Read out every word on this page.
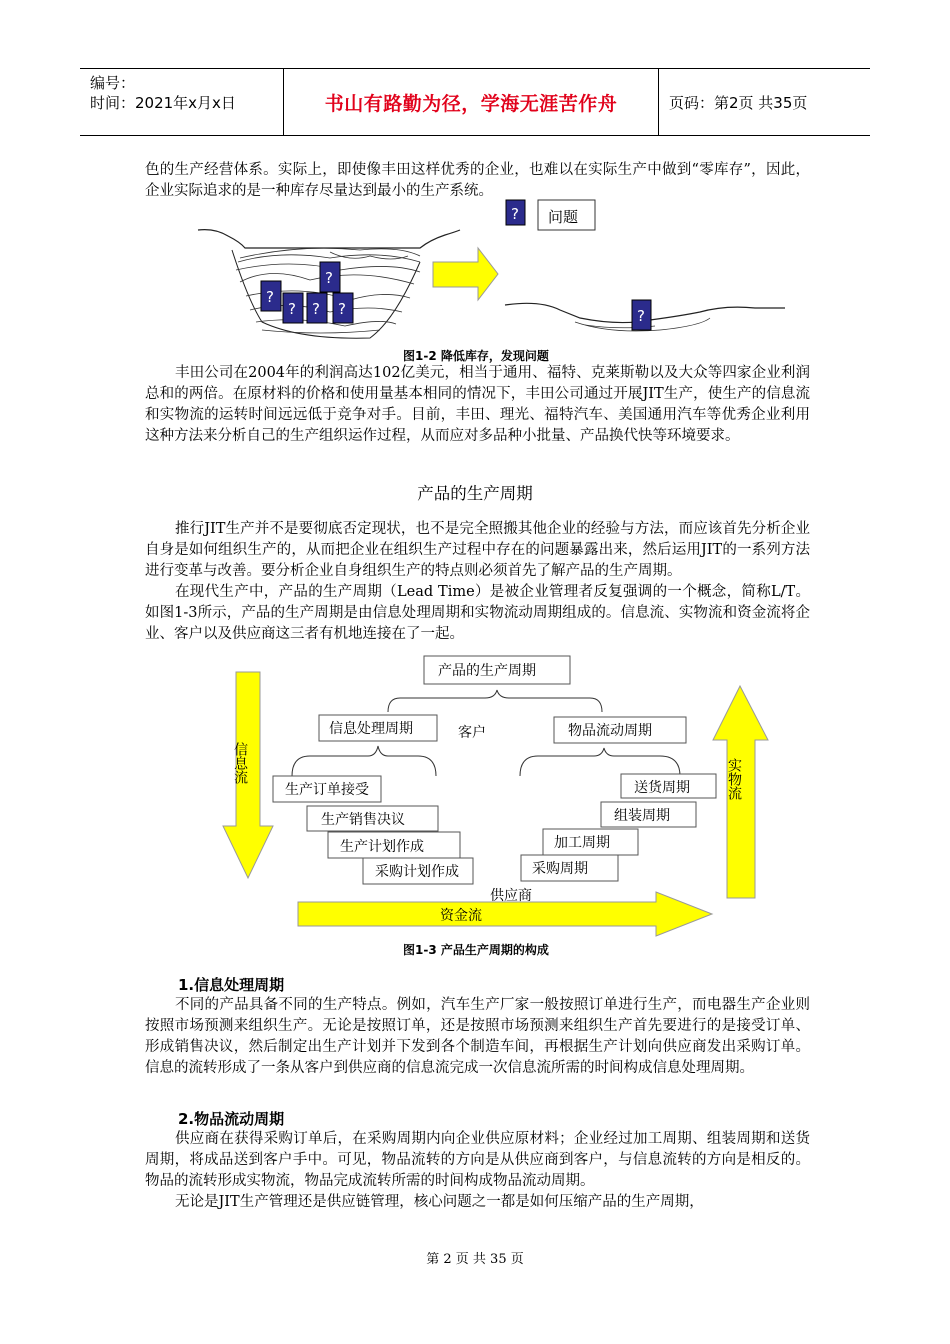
编号：
时间：2021年x月x日	书山有路勤为径，学海无涯苦作舟	页码：第2页 共35页

色的生产经营体系。实际上，即使像丰田这样优秀的企业，也难以在实际生产中做到“零库存”，因此，企业实际追求的是一种库存尽量达到最小的生产系统。

?
? ? ?
?
?
? 问题
图1-2 降低库存，发现问题

丰田公司在2004年的利润高达102亿美元，相当于通用、福特、克莱斯勒以及大众等四家企业利润总和的两倍。在原材料的价格和使用量基本相同的情况下，丰田公司通过开展JIT生产，使生产的信息流和实物流的运转时间远远低于竞争对手。目前，丰田、理光、福特汽车、美国通用汽车等优秀企业利用这种方法来分析自己的生产组织运作过程，从而应对多品种小批量、产品换代快等环境要求。

产品的生产周期

推行JIT生产并不是要彻底否定现状，也不是完全照搬其他企业的经验与方法，而应该首先分析企业自身是如何组织生产的，从而把企业在组织生产过程中存在的问题暴露出来，然后运用JIT的一系列方法进行变革与改善。要分析企业自身组织生产的特点则必须首先了解产品的生产周期。

在现代生产中，产品的生产周期（Lead Time）是被企业管理者反复强调的一个概念，简称L/T。如图1-3所示，产品的生产周期是由信息处理周期和实物流动周期组成的。信息流、实物流和资金流将企业、客户以及供应商这三者有机地连接在了一起。

信息流	实物流
资金流
供应商
产品的生产周期
信息处理周期	客户	物品流动周期
生产订单接受
生产销售决议
生产计划作成
采购计划作成
送货周期
组装周期
加工周期
采购周期
图1-3 产品生产周期的构成
1.信息处理周期

不同的产品具备不同的生产特点。例如，汽车生产厂家一般按照订单进行生产，而电器生产企业则按照市场预测来组织生产。无论是按照订单，还是按照市场预测来组织生产首先要进行的是接受订单、形成销售决议，然后制定出生产计划并下发到各个制造车间，再根据生产计划向供应商发出采购订单。信息的流转形成了一条从客户到供应商的信息流完成一次信息流所需的时间构成信息处理周期。

2.物品流动周期

供应商在获得采购订单后，在采购周期内向企业供应原材料；企业经过加工周期、组装周期和送货周期，将成品送到客户手中。可见，物品流转的方向是从供应商到客户，与信息流转的方向是相反的。物品的流转形成实物流，物品完成流转所需的时间构成物品流动周期。

无论是JIT生产管理还是供应链管理，核心问题之一都是如何压缩产品的生产周期，

第 2 页 共 35 页
